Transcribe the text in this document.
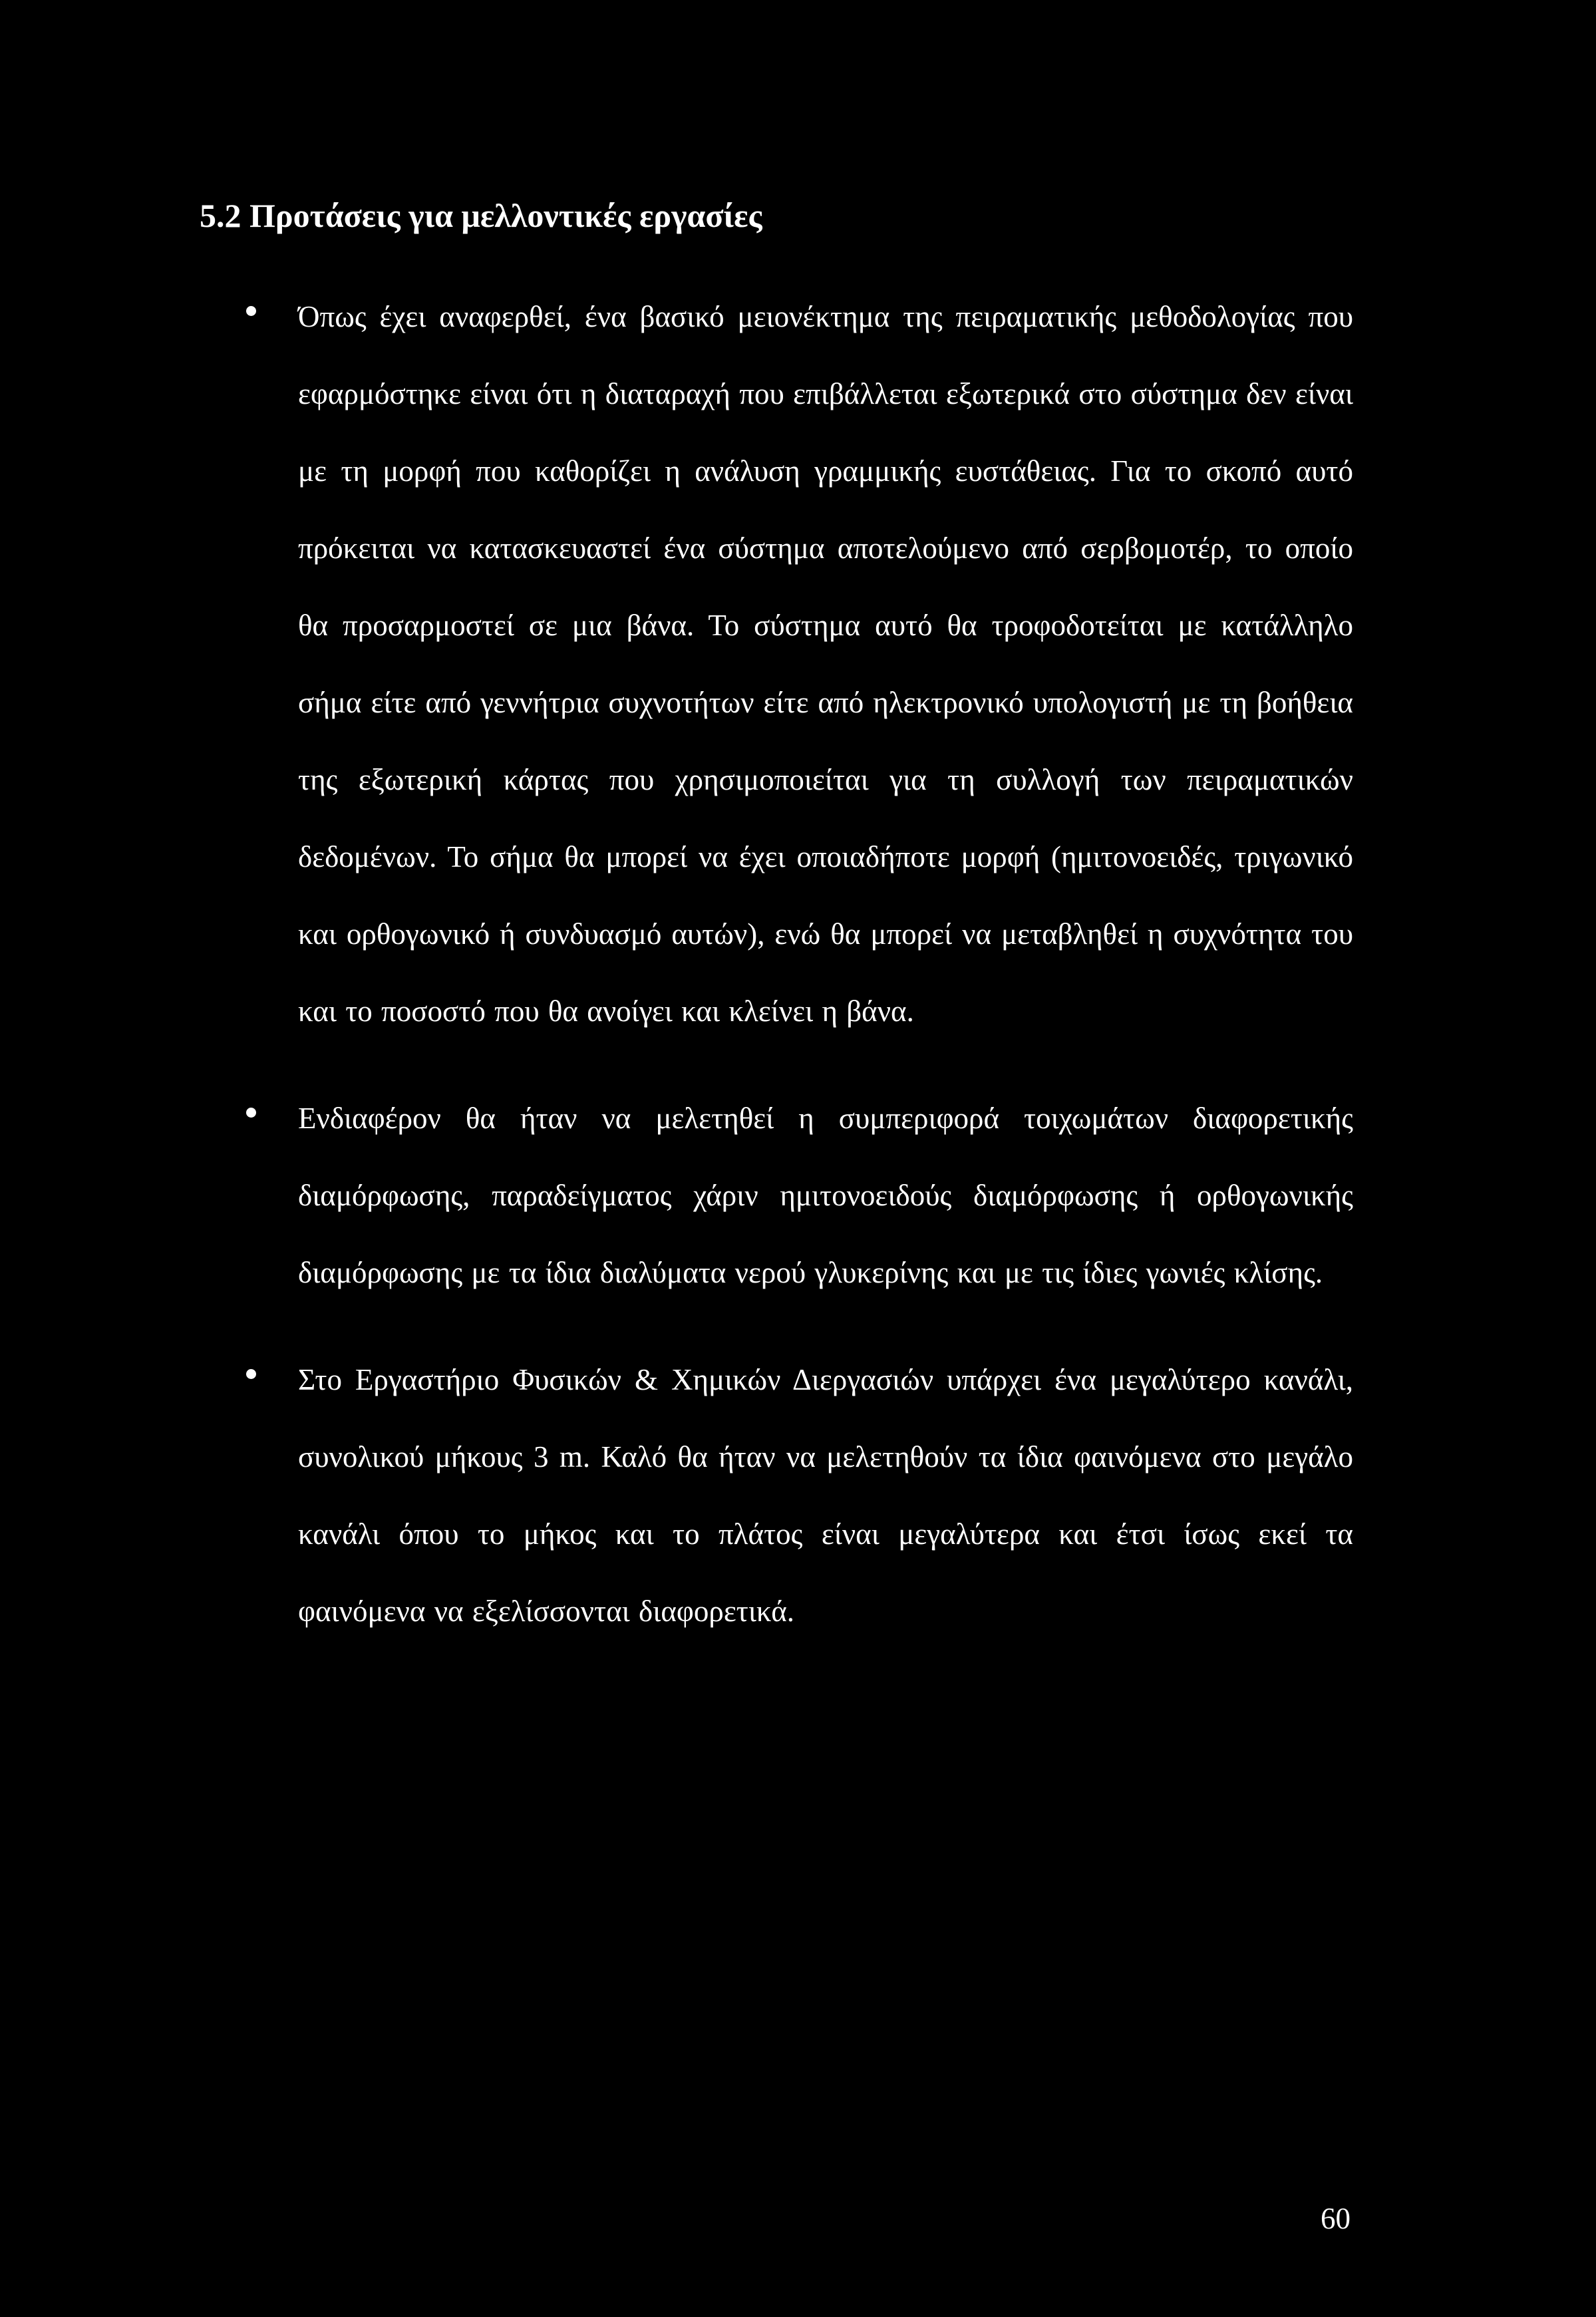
5.2 Προτάσεις για μελλοντικές εργασίες

Όπως έχει αναφερθεί, ένα βασικό μειονέκτημα της πειραματικής μεθοδολογίας που εφαρμόστηκε είναι ότι η διαταραχή που επιβάλλεται εξωτερικά στο σύστημα δεν είναι με τη μορφή που καθορίζει η ανάλυση γραμμικής ευστάθειας. Για το σκοπό αυτό πρόκειται να κατασκευαστεί ένα σύστημα αποτελούμενο από σερβομοτέρ, το οποίο θα προσαρμοστεί σε μια βάνα. Το σύστημα αυτό θα τροφοδοτείται με κατάλληλο σήμα είτε από γεννήτρια συχνοτήτων είτε από ηλεκτρονικό υπολογιστή με τη βοήθεια της εξωτερική κάρτας που χρησιμοποιείται για τη συλλογή των πειραματικών δεδομένων. Το σήμα θα μπορεί να έχει οποιαδήποτε μορφή (ημιτονοειδές, τριγωνικό και ορθογωνικό ή συνδυασμό αυτών), ενώ θα μπορεί να μεταβληθεί η συχνότητα του και το ποσοστό που θα ανοίγει και κλείνει η βάνα.

Ενδιαφέρον θα ήταν να μελετηθεί η συμπεριφορά τοιχωμάτων διαφορετικής διαμόρφωσης, παραδείγματος χάριν ημιτονοειδούς διαμόρφωσης ή ορθογωνικής διαμόρφωσης με τα ίδια διαλύματα νερού γλυκερίνης και με τις ίδιες γωνιές κλίσης.

Στο Εργαστήριο Φυσικών & Χημικών Διεργασιών υπάρχει ένα μεγαλύτερο κανάλι, συνολικού μήκους 3 m. Καλό θα ήταν να μελετηθούν τα ίδια φαινόμενα στο μεγάλο κανάλι όπου το μήκος και το πλάτος είναι μεγαλύτερα και έτσι ίσως εκεί τα φαινόμενα να εξελίσσονται διαφορετικά.

60
